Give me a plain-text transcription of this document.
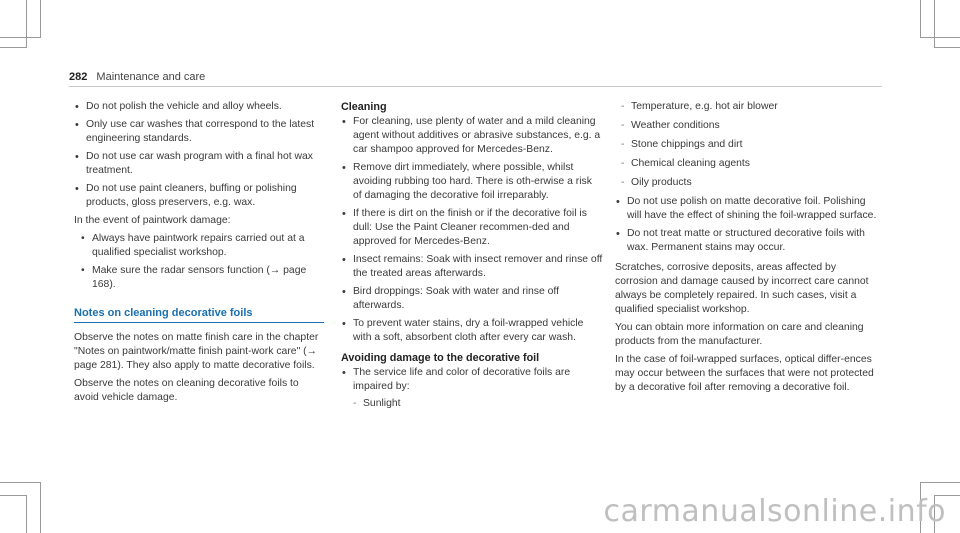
282 Maintenance and care
• Do not polish the vehicle and alloy wheels.
• Only use car washes that correspond to the latest engineering standards.
• Do not use car wash program with a final hot wax treatment.
• Do not use paint cleaners, buffing or polishing products, gloss preservers, e.g. wax.

In the event of paintwork damage:

• Always have paintwork repairs carried out at a qualified specialist workshop.
• Make sure the radar sensors function (→ page 168).
Notes on cleaning decorative foils

Observe the notes on matte finish care in the chapter "Notes on paintwork/matte finish paint-work care" (→ page 281). They also apply to matte decorative foils.

Observe the notes on cleaning decorative foils to avoid vehicle damage.

Cleaning
• For cleaning, use plenty of water and a mild cleaning agent without additives or abrasive substances, e.g. a car shampoo approved for Mercedes-Benz.
• Remove dirt immediately, where possible, whilst avoiding rubbing too hard. There is oth-erwise a risk of damaging the decorative foil irreparably.
• If there is dirt on the finish or if the decorative foil is dull: Use the Paint Cleaner recommen-ded and approved for Mercedes-Benz.
• Insect remains: Soak with insect remover and rinse off the treated areas afterwards.
• Bird droppings: Soak with water and rinse off afterwards.
• To prevent water stains, dry a foil-wrapped vehicle with a soft, absorbent cloth after every car wash.
Avoiding damage to the decorative foil
• The service life and color of decorative foils are impaired by:
- Sunlight
- Temperature, e.g. hot air blower
- Weather conditions
- Stone chippings and dirt
- Chemical cleaning agents
- Oily products
• Do not use polish on matte decorative foil. Polishing will have the effect of shining the foil-wrapped surface.
• Do not treat matte or structured decorative foils with wax. Permanent stains may occur.

Scratches, corrosive deposits, areas affected by corrosion and damage caused by incorrect care cannot always be completely repaired. In such cases, visit a qualified specialist workshop.

You can obtain more information on care and cleaning products from the manufacturer.

In the case of foil-wrapped surfaces, optical differ-ences may occur between the surfaces that were not protected by a decorative foil after removing a decorative foil.

carmanualsonline.info
